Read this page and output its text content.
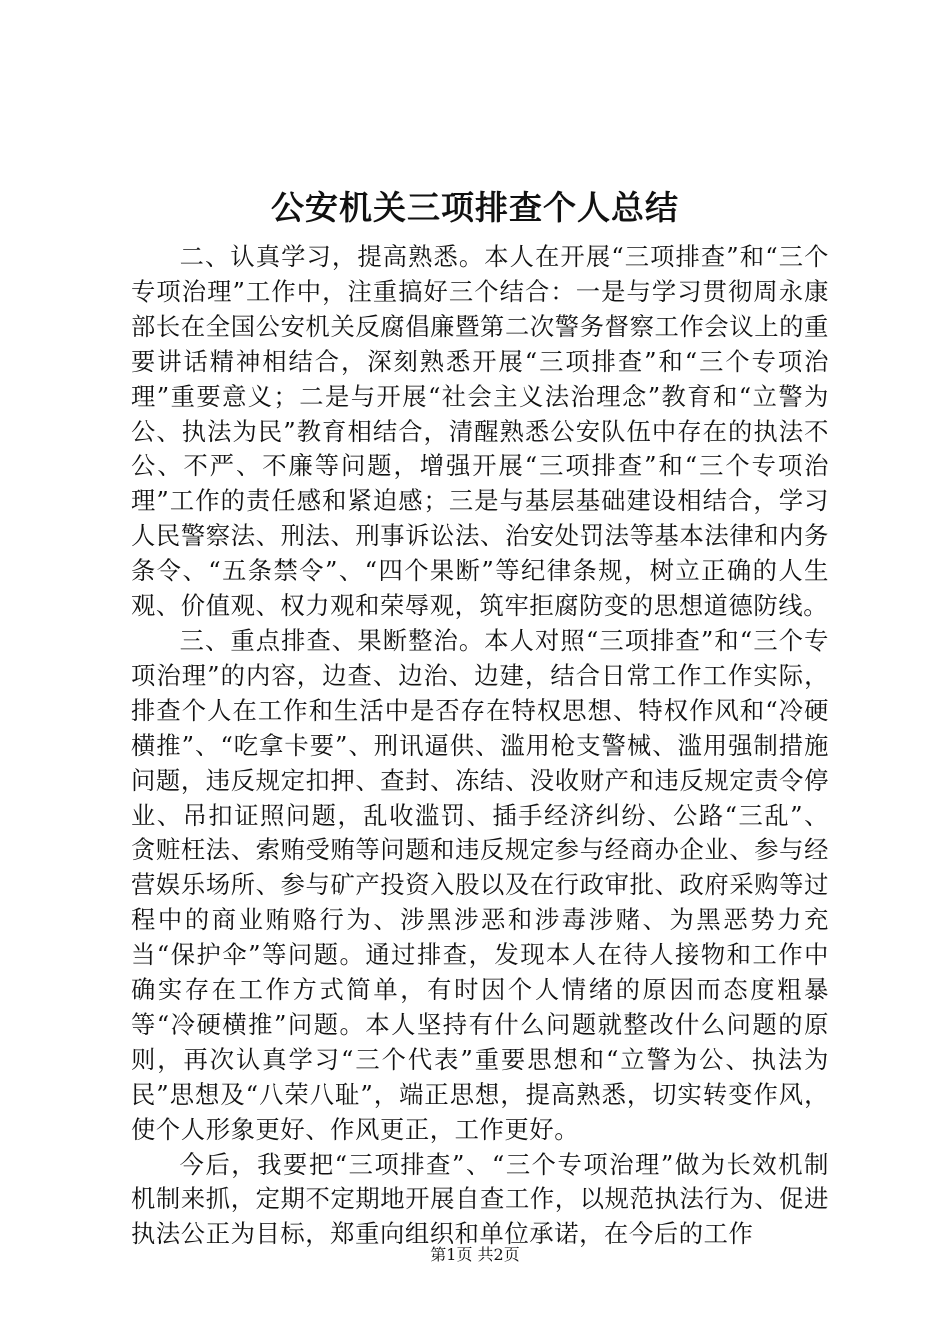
公安机关三项排查个人总结

二、认真学习，提高熟悉。本人在开展“三项排查”和“三个专项治理”工作中，注重搞好三个结合：一是与学习贯彻周永康部长在全国公安机关反腐倡廉暨第二次警务督察工作会议上的重要讲话精神相结合，深刻熟悉开展“三项排查”和“三个专项治理”重要意义；二是与开展“社会主义法治理念”教育和“立警为公、执法为民”教育相结合，清醒熟悉公安队伍中存在的执法不公、不严、不廉等问题，增强开展“三项排查”和“三个专项治理”工作的责任感和紧迫感；三是与基层基础建设相结合，学习人民警察法、刑法、刑事诉讼法、治安处罚法等基本法律和内务条令、“五条禁令”、“四个果断”等纪律条规，树立正确的人生观、价值观、权力观和荣辱观，筑牢拒腐防变的思想道德防线。

三、重点排查、果断整治。本人对照“三项排查”和“三个专项治理”的内容，边查、边治、边建，结合日常工作工作实际，排查个人在工作和生活中是否存在特权思想、特权作风和“冷硬横推”、“吃拿卡要”、刑讯逼供、滥用枪支警械、滥用强制措施问题，违反规定扣押、查封、冻结、没收财产和违反规定责令停业、吊扣证照问题，乱收滥罚、插手经济纠纷、公路“三乱”、贪赃枉法、索贿受贿等问题和违反规定参与经商办企业、参与经营娱乐场所、参与矿产投资入股以及在行政审批、政府采购等过程中的商业贿赂行为、涉黑涉恶和涉毒涉赌、为黑恶势力充当“保护伞”等问题。通过排查，发现本人在待人接物和工作中确实存在工作方式简单，有时因个人情绪的原因而态度粗暴等“冷硬横推”问题。本人坚持有什么问题就整改什么问题的原则，再次认真学习“三个代表”重要思想和“立警为公、执法为民”思想及“八荣八耻”，端正思想，提高熟悉，切实转变作风，使个人形象更好、作风更正，工作更好。

今后，我要把“三项排查”、“三个专项治理”做为长效机制机制来抓，定期不定期地开展自查工作，以规范执法行为、促进执法公正为目标，郑重向组织和单位承诺，在今后的工作

第1页 共2页
